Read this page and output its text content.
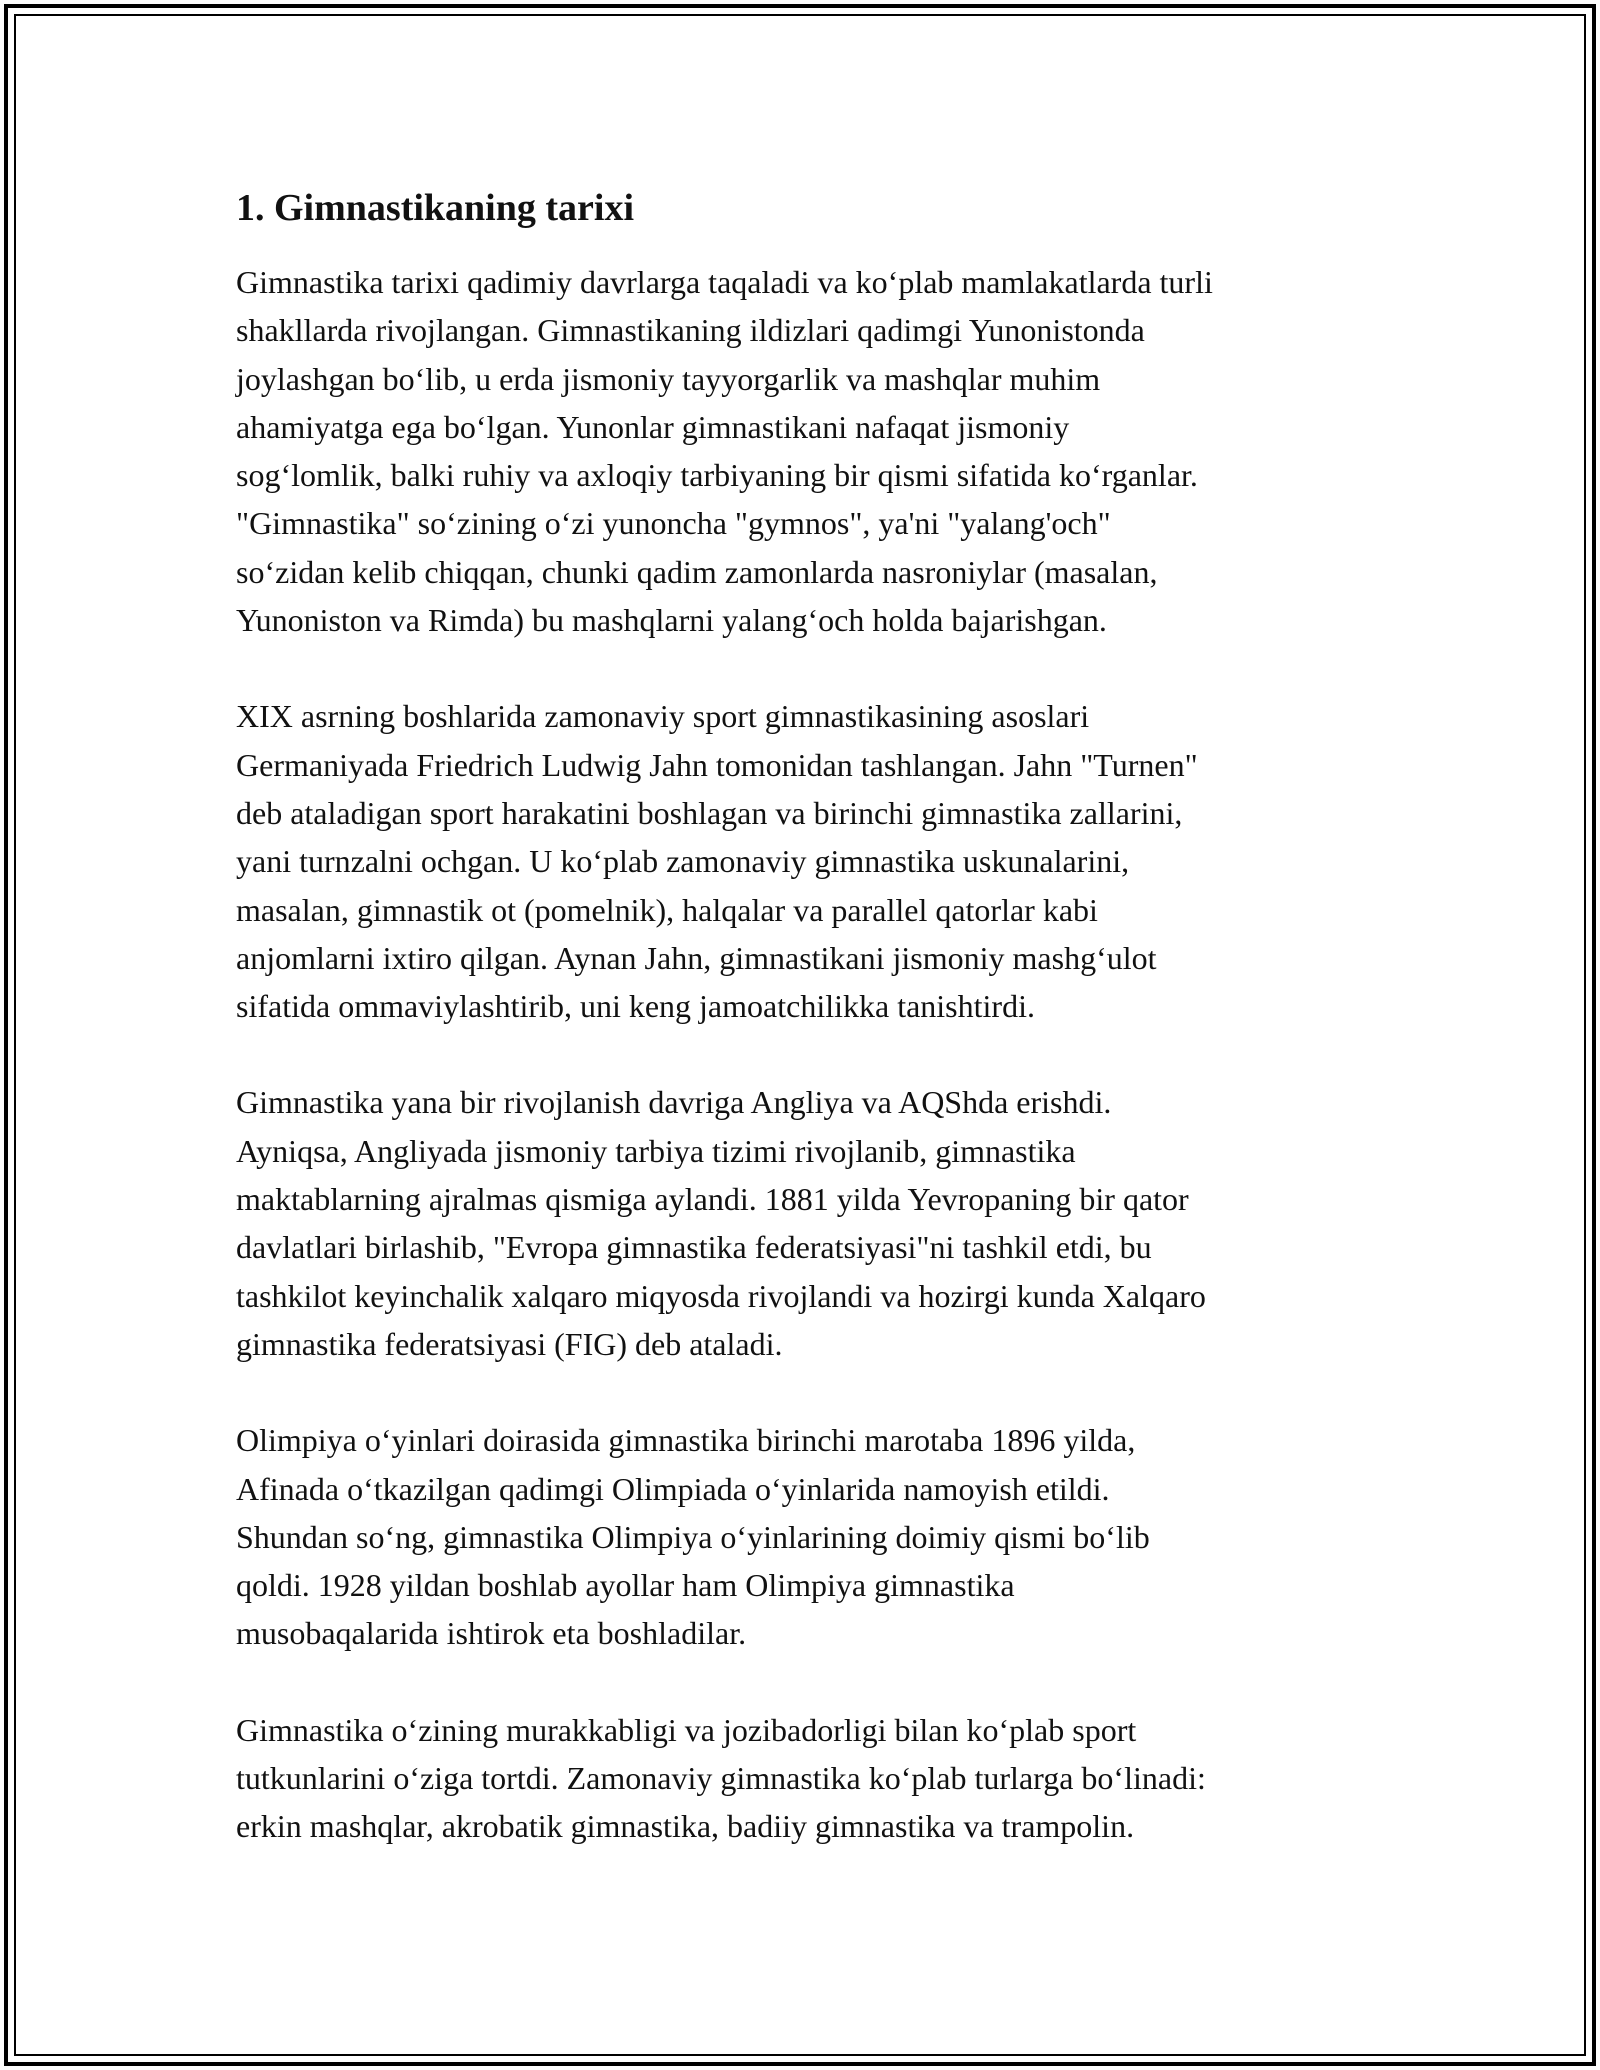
1. Gimnastikaning tarixi

Gimnastika tarixi qadimiy davrlarga taqaladi va koʻplab mamlakatlarda turli
shakllarda rivojlangan. Gimnastikaning ildizlari qadimgi Yunonistonda
joylashgan boʻlib, u erda jismoniy tayyorgarlik va mashqlar muhim
ahamiyatga ega boʻlgan. Yunonlar gimnastikani nafaqat jismoniy
sogʻlomlik, balki ruhiy va axloqiy tarbiyaning bir qismi sifatida koʻrganlar.
"Gimnastika" soʻzining oʻzi yunoncha "gymnos", ya'ni "yalang'och"
soʻzidan kelib chiqqan, chunki qadim zamonlarda nasroniylar (masalan,
Yunoniston va Rimda) bu mashqlarni yalangʻoch holda bajarishgan.

XIX asrning boshlarida zamonaviy sport gimnastikasining asoslari
Germaniyada Friedrich Ludwig Jahn tomonidan tashlangan. Jahn "Turnen"
deb ataladigan sport harakatini boshlagan va birinchi gimnastika zallarini,
yani turnzalni ochgan. U koʻplab zamonaviy gimnastika uskunalarini,
masalan, gimnastik ot (pomelnik), halqalar va parallel qatorlar kabi
anjomlarni ixtiro qilgan. Aynan Jahn, gimnastikani jismoniy mashgʻulot
sifatida ommaviylashtirib, uni keng jamoatchilikka tanishtirdi.

Gimnastika yana bir rivojlanish davriga Angliya va AQShda erishdi.
Ayniqsa, Angliyada jismoniy tarbiya tizimi rivojlanib, gimnastika
maktablarning ajralmas qismiga aylandi. 1881 yilda Yevropaning bir qator
davlatlari birlashib, "Evropa gimnastika federatsiyasi"ni tashkil etdi, bu
tashkilot keyinchalik xalqaro miqyosda rivojlandi va hozirgi kunda Xalqaro
gimnastika federatsiyasi (FIG) deb ataladi.

Olimpiya oʻyinlari doirasida gimnastika birinchi marotaba 1896 yilda,
Afinada oʻtkazilgan qadimgi Olimpiada oʻyinlarida namoyish etildi.
Shundan soʻng, gimnastika Olimpiya oʻyinlarining doimiy qismi boʻlib
qoldi. 1928 yildan boshlab ayollar ham Olimpiya gimnastika
musobaqalarida ishtirok eta boshladilar.

Gimnastika oʻzining murakkabligi va jozibadorligi bilan koʻplab sport
tutkunlarini oʻziga tortdi. Zamonaviy gimnastika koʻplab turlarga boʻlinadi:
erkin mashqlar, akrobatik gimnastika, badiiy gimnastika va trampolin.
